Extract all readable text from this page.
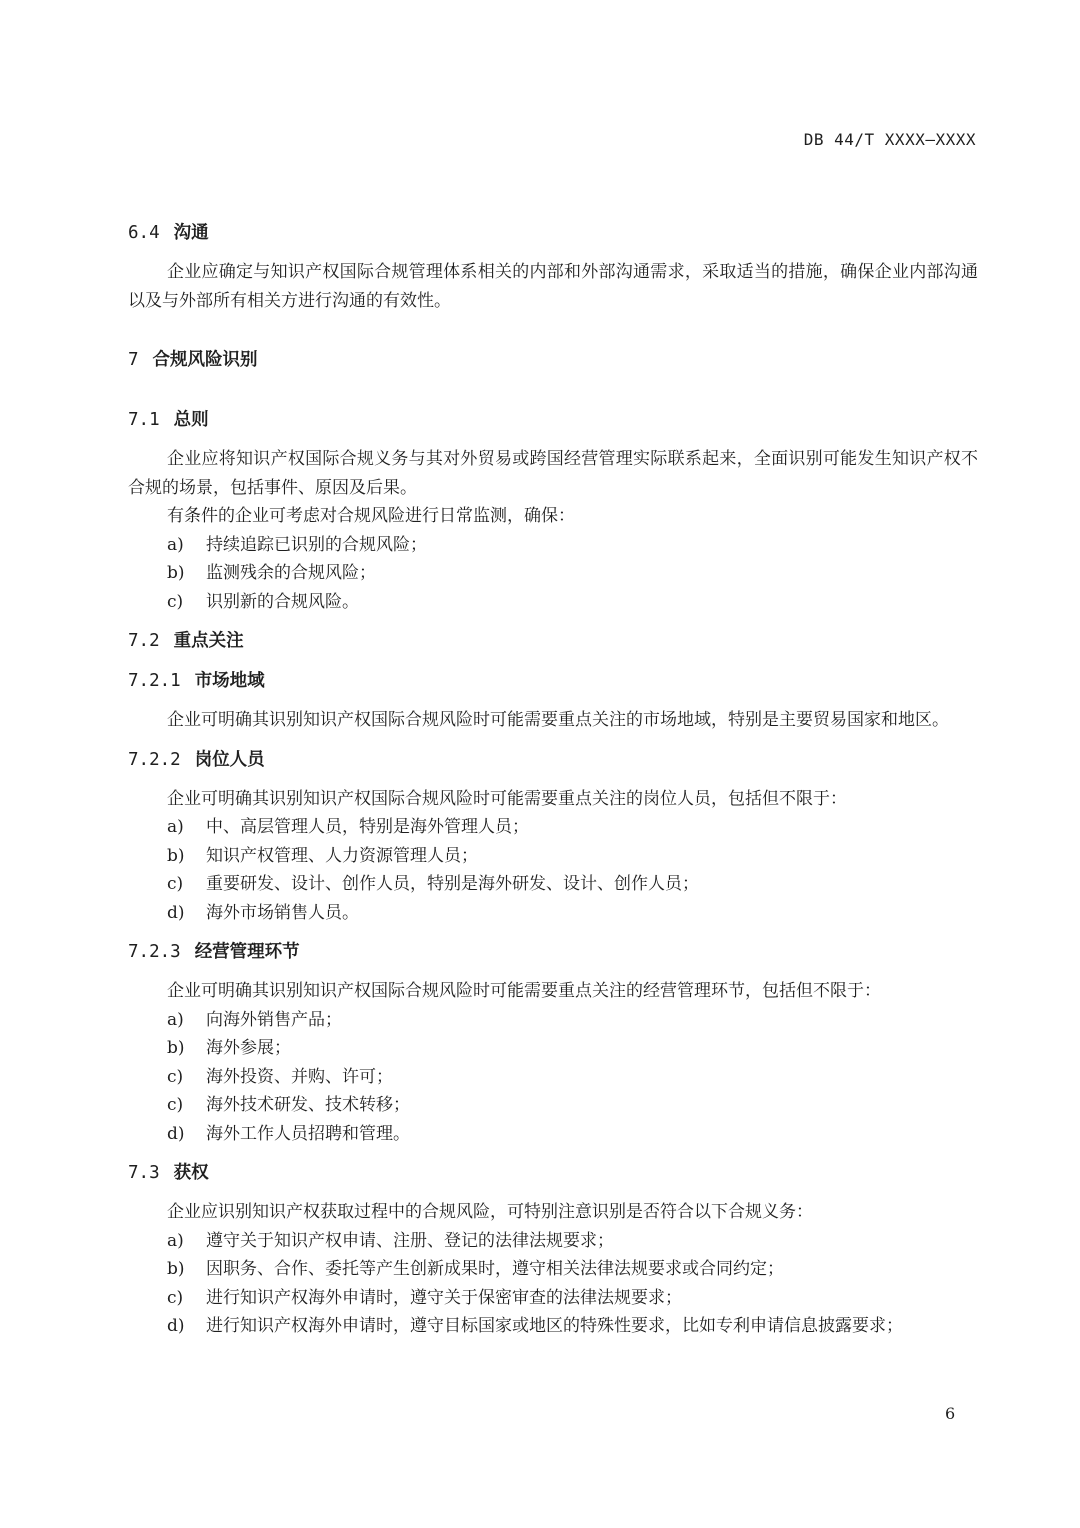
DB 44/T XXXX—XXXX
6.4 沟通

企业应确定与知识产权国际合规管理体系相关的内部和外部沟通需求，采取适当的措施，确保企业内部沟通以及与外部所有相关方进行沟通的有效性。

7 合规风险识别
7.1 总则

企业应将知识产权国际合规义务与其对外贸易或跨国经营管理实际联系起来，全面识别可能发生知识产权不合规的场景，包括事件、原因及后果。

有条件的企业可考虑对合规风险进行日常监测，确保：

a)	持续追踪已识别的合规风险；
b)	监测残余的合规风险；
c)	识别新的合规风险。
7.2 重点关注
7.2.1 市场地域

企业可明确其识别知识产权国际合规风险时可能需要重点关注的市场地域，特别是主要贸易国家和地区。

7.2.2 岗位人员

企业可明确其识别知识产权国际合规风险时可能需要重点关注的岗位人员，包括但不限于：

a)	中、高层管理人员，特别是海外管理人员；
b)	知识产权管理、人力资源管理人员；
c)	重要研发、设计、创作人员，特别是海外研发、设计、创作人员；
d)	海外市场销售人员。
7.2.3 经营管理环节

企业可明确其识别知识产权国际合规风险时可能需要重点关注的经营管理环节，包括但不限于：

a)	向海外销售产品；
b)	海外参展；
c)	海外投资、并购、许可；
c)	海外技术研发、技术转移；
d)	海外工作人员招聘和管理。
7.3 获权

企业应识别知识产权获取过程中的合规风险，可特别注意识别是否符合以下合规义务：

a)	遵守关于知识产权申请、注册、登记的法律法规要求；
b)	因职务、合作、委托等产生创新成果时，遵守相关法律法规要求或合同约定；
c)	进行知识产权海外申请时，遵守关于保密审查的法律法规要求；
d)	进行知识产权海外申请时，遵守目标国家或地区的特殊性要求，比如专利申请信息披露要求；
6
